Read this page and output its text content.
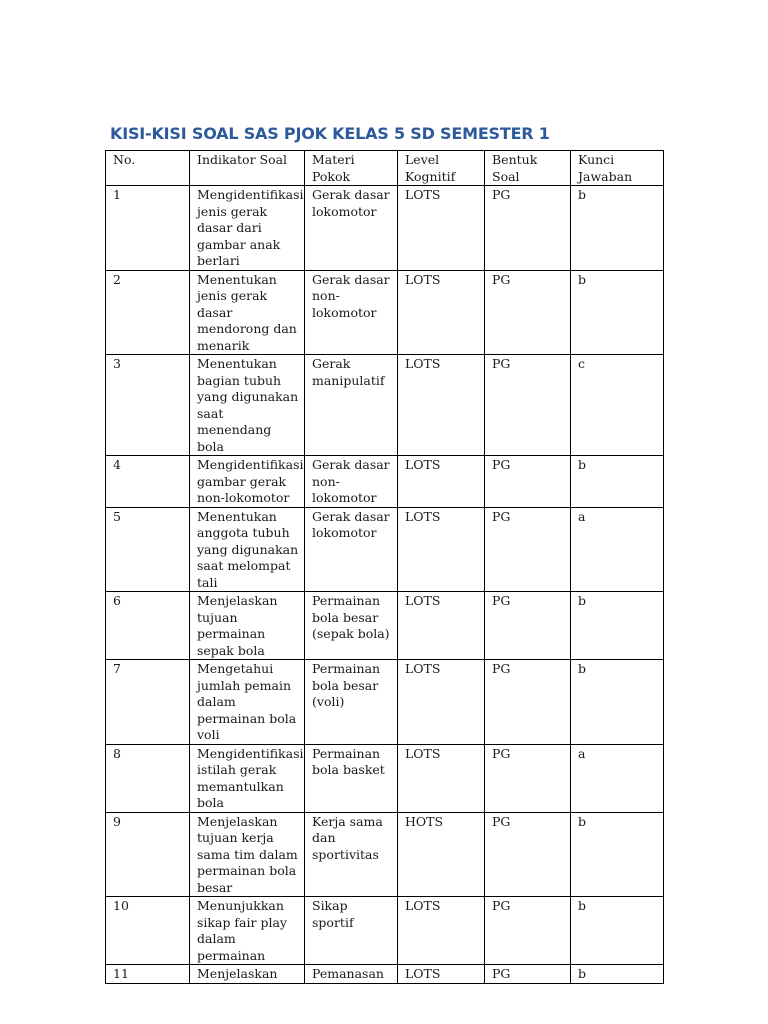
KISI-KISI SOAL SAS PJOK KELAS 5 SD SEMESTER 1
No.	Indikator Soal	Materi Pokok	Level Kognitif	Bentuk Soal	Kunci Jawaban
1	Mengidentifikasi jenis gerak dasar dari gambar anak berlari	Gerak dasar lokomotor	LOTS	PG	b
2	Menentukan jenis gerak dasar mendorong dan menarik	Gerak dasar non-lokomotor	LOTS	PG	b
3	Menentukan bagian tubuh yang digunakan saat menendang bola	Gerak manipulatif	LOTS	PG	c
4	Mengidentifikasi gambar gerak non-lokomotor	Gerak dasar non-lokomotor	LOTS	PG	b
5	Menentukan anggota tubuh yang digunakan saat melompat tali	Gerak dasar lokomotor	LOTS	PG	a
6	Menjelaskan tujuan permainan sepak bola	Permainan bola besar (sepak bola)	LOTS	PG	b
7	Mengetahui jumlah pemain dalam permainan bola voli	Permainan bola besar (voli)	LOTS	PG	b
8	Mengidentifikasi istilah gerak memantulkan bola	Permainan bola basket	LOTS	PG	a
9	Menjelaskan tujuan kerja sama tim dalam permainan bola besar	Kerja sama dan sportivitas	HOTS	PG	b
10	Menunjukkan sikap fair play dalam permainan	Sikap sportif	LOTS	PG	b
11	Menjelaskan	Pemanasan	LOTS	PG	b
